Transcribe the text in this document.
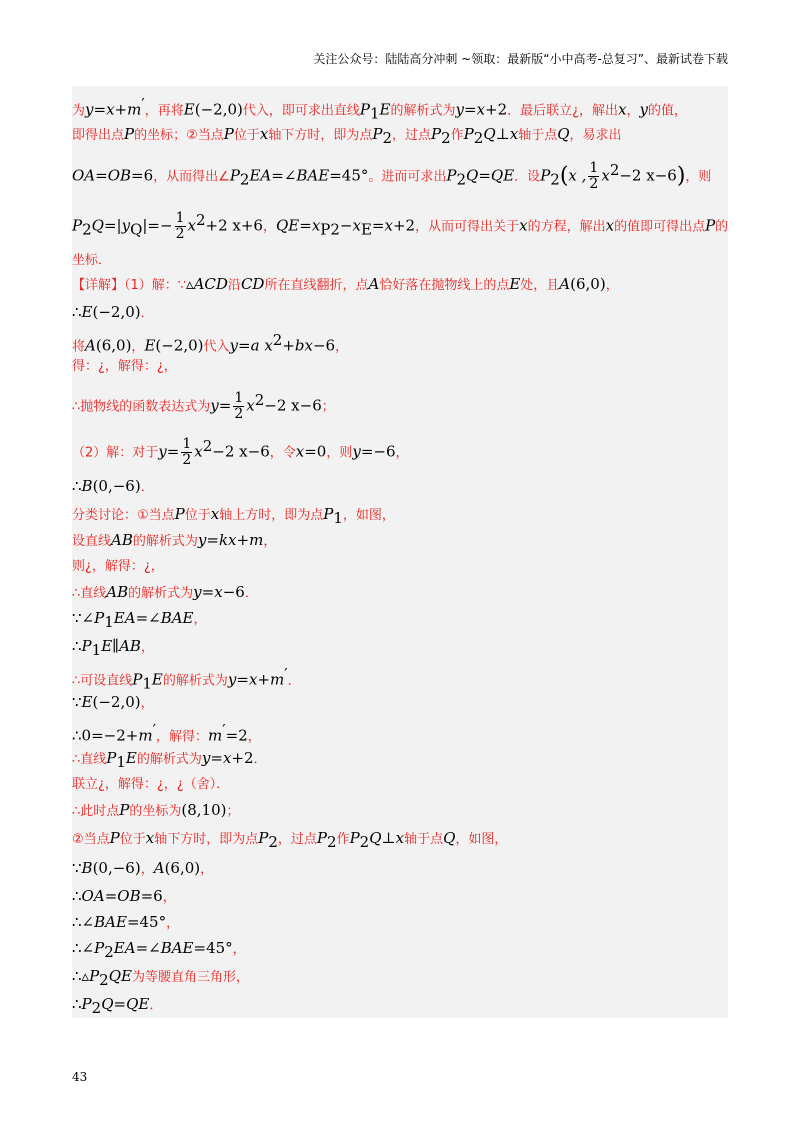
关注公众号：陆陆高分冲刺 ~领取：最新版“小中高考-总复习”、最新试卷下载
为y=x+m′，再将E(−2,0)代入，即可求出直线$P_1E$的解析式为y=x+2．最后联立¿，解出x，y的值，
即得出点P的坐标；②当点P位于x轴下方时，即为点$P_2$，过点$P_2$作$P_2Q\perp x$轴于点Q，易求出
OA=OB=6，从而得出$\angle P_2EA=\angle BAE=45^\circ$。进而可求出$P_2Q=QE$．设$P_2(x$ , $\frac{1}{2} x^2-2$ x−6)，则
$P_2Q=|y_Q|=- \frac{1}{2} x^2+2$ x+6，$QE=x_{P2}-x_E=x+2$，从而可得出关于x的方程，解出x的值即可得出点P的
坐标．
【详解】（1）解：∵▵ACD沿CD所在直线翻折，点A恰好落在抛物线上的点E处，且A(6,0)，
∴E(−2,0)．
将A(6,0)，E(−2,0)代入y=a $x^2+bx-6$，
得：¿，解得：¿，
∴抛物线的函数表达式为$y= \frac{1}{2} x^2-2$ x−6；
（2）解：对于$y= \frac{1}{2} x^2-2$ x−6，令x=0，则y=−6，
∴B(0,−6)．
分类讨论：①当点P位于x轴上方时，即为点$P_1$，如图，
设直线AB的解析式为y=kx+m，
则¿，解得：¿，
∴直线AB的解析式为y=x−6．
$\because\angle P_1EA=\angle BAE$，
$\therefore P_1E\parallel AB$，
∴可设直线$P_1E$的解析式为y=x+m′．
∵E(−2,0)，
∴0=−2+m′，解得：m′=2，
∴直线$P_1E$的解析式为y=x+2．
联立¿，解得：¿，¿（舍）．
∴此时点P的坐标为(8,10)；
②当点P位于x轴下方时，即为点$P_2$，过点$P_2$作$P_2Q\perp x$轴于点Q，如图，
∵B(0,−6)，A(6,0)，
∴OA=OB=6，
∴∠BAE=45°，
$\therefore\angle P_2EA=\angle BAE=45^\circ$，
$\therefore▵P_2QE$为等腰直角三角形，
$\therefore P_2Q=QE$．
43
